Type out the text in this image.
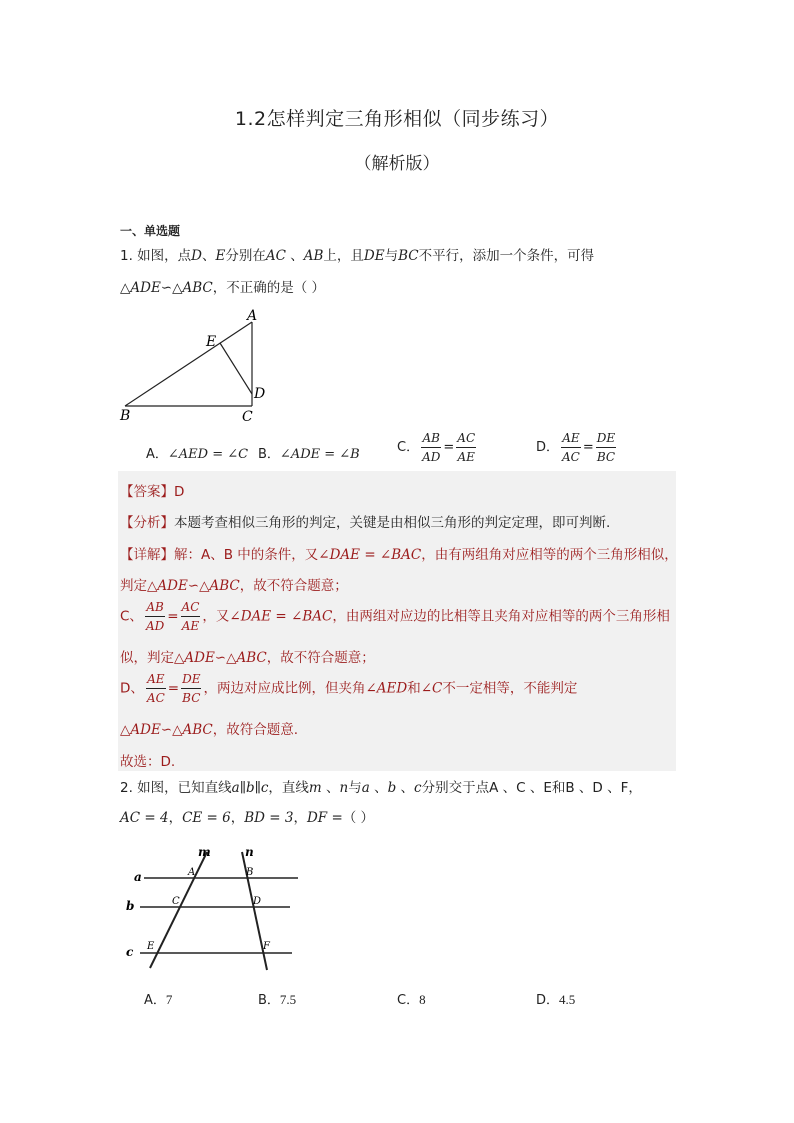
1.2怎样判定三角形相似（同步练习）
（解析版）
一、单选题
1. 如图，点D、E分别在AC 、AB上，且DE与BC不平行，添加一个条件，可得
△ADE∽△ABC，不正确的是（ ）
A
E
D
B	C
A．∠AED = ∠C B．∠ADE = ∠B	C． $\frac{AB}{AD} = \frac{AC}{AE}$	D． $\frac{AE}{AC} = \frac{DE}{BC}$
【答案】D
【分析】本题考查相似三角形的判定，关键是由相似三角形的判定定理，即可判断.
【详解】解：A、B 中的条件，又∠DAE = ∠BAC，由有两组角对应相等的两个三角形相似，
判定△ADE∽△ABC，故不符合题意；
C、 $\frac{AB}{AD} = \frac{AC}{AE}$ ，又∠DAE = ∠BAC，由两组对应边的比相等且夹角对应相等的两个三角形相
似，判定△ADE∽△ABC，故不符合题意；
D、 $\frac{AE}{AC} = \frac{DE}{BC}$ ，两边对应成比例，但夹角∠AED和∠C不一定相等，不能判定
△ADE∽△ABC，故符合题意.
故选：D.
2. 如图，已知直线a∥b∥c，直线m 、n与a 、b 、c分别交于点A 、C 、E和B 、D 、F，
AC = 4，CE = 6，BD = 3，DF =（ ）
m	n
a
b
c
A	B
C	D
E	F
A．7	B．7.5	C．8	D．4.5
